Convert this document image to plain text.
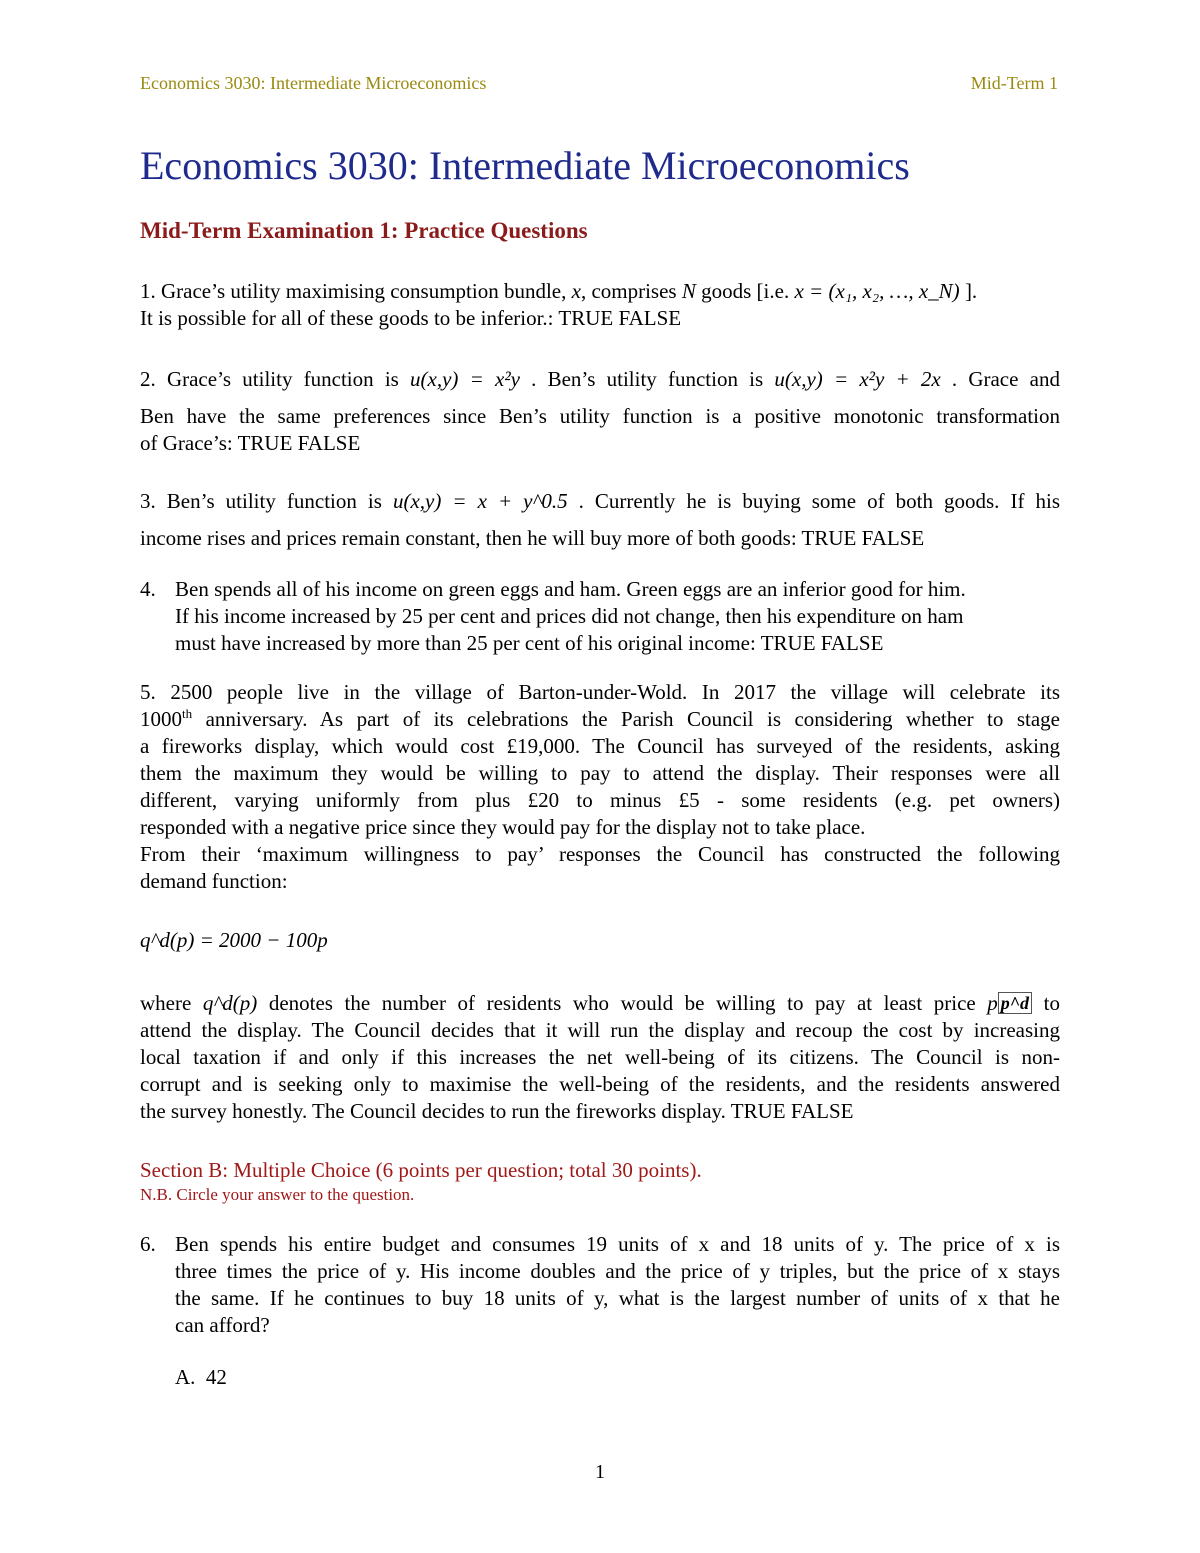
Economics 3030: Intermediate Microeconomics	Mid-Term 1
Economics 3030: Intermediate Microeconomics
Mid-Term Examination 1: Practice Questions
1. Grace’s utility maximising consumption bundle, x, comprises N goods [i.e. x = (x₁, x₂, …, x_N) ].
It is possible for all of these goods to be inferior.: TRUE FALSE
2. Grace’s utility function is u(x,y) = x²y . Ben’s utility function is u(x,y) = x²y + 2x . Grace and
Ben have the same preferences since Ben’s utility function is a positive monotonic transformation
of Grace’s: TRUE FALSE
3. Ben’s utility function is u(x,y) = x + y^0.5 . Currently he is buying some of both goods. If his
income rises and prices remain constant, then he will buy more of both goods: TRUE FALSE
4. Ben spends all of his income on green eggs and ham. Green eggs are an inferior good for him.
If his income increased by 25 per cent and prices did not change, then his expenditure on ham
must have increased by more than 25 per cent of his original income: TRUE FALSE
5. 2500 people live in the village of Barton-under-Wold. In 2017 the village will celebrate its
1000th anniversary. As part of its celebrations the Parish Council is considering whether to stage
a fireworks display, which would cost £19,000. The Council has surveyed of the residents, asking
them the maximum they would be willing to pay to attend the display. Their responses were all
different, varying uniformly from plus £20 to minus £5 - some residents (e.g. pet owners)
responded with a negative price since they would pay for the display not to take place.
From their ‘maximum willingness to pay’ responses the Council has constructed the following
demand function:
q^d(p) = 2000 − 100p
where q^d(p) denotes the number of residents who would be willing to pay at least price p p^d to
attend the display. The Council decides that it will run the display and recoup the cost by increasing
local taxation if and only if this increases the net well-being of its citizens. The Council is non-
corrupt and is seeking only to maximise the well-being of the residents, and the residents answered
the survey honestly. The Council decides to run the fireworks display. TRUE FALSE
Section B: Multiple Choice (6 points per question; total 30 points).
N.B. Circle your answer to the question.
6. Ben spends his entire budget and consumes 19 units of x and 18 units of y. The price of x is
three times the price of y. His income doubles and the price of y triples, but the price of x stays
the same. If he continues to buy 18 units of y, what is the largest number of units of x that he
can afford?
A. 42
1
